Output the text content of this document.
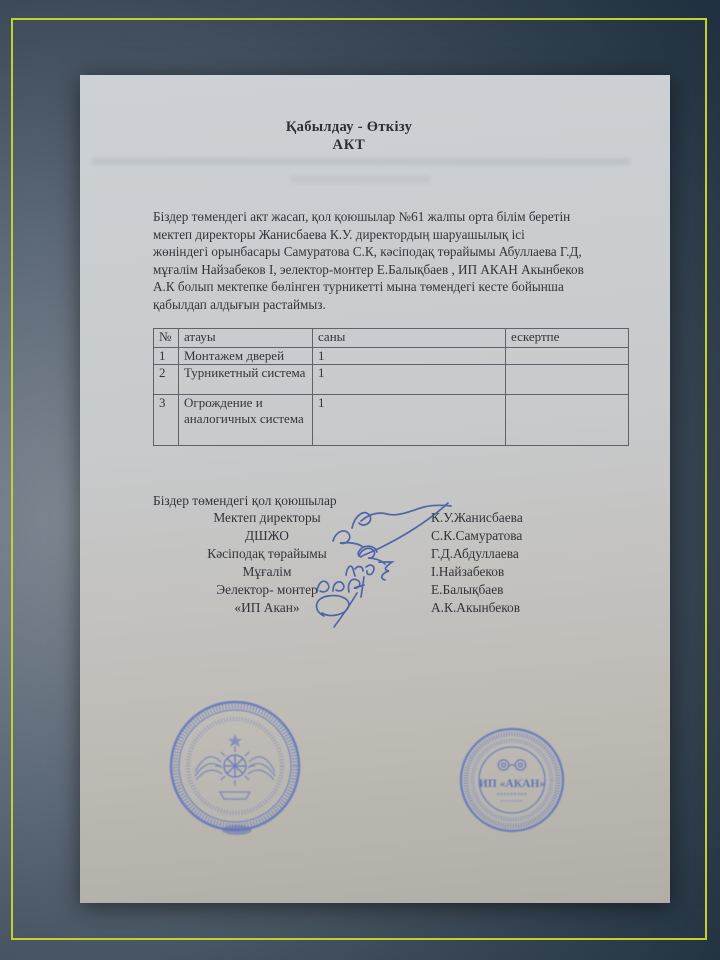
Қабылдау - Өткізу
АКТ
Біздер төмендегі акт жасап, қол қоюшылар №61 жалпы орта білім беретін
мектеп директоры Жанисбаева К.У. директордың шаруашылық ісі
жөніндегі орынбасары Самуратова С.К, кәсіподақ төрайымы Абуллаева Г.Д,
мұғалім Найзабеков І, эелектор-монтер Е.Балықбаев , ИП АКАН Акынбеков
А.К болып мектепке бөлінген турникетті мына төмендегі кесте бойынша
қабылдап алдығын растаймыз.
№	атауы	саны	ескертпе
1	Монтажем дверей	1	
2	Турникетный система	1	
3	Огрождение и аналогичных система	1	
Біздер төмендегі қол қоюшылар
Мектеп директоры	К.У.Жанисбаева
ДШЖО	С.К.Самуратова
Кәсіподақ төрайымы	Г.Д.Абдуллаева
Мұғалім	І.Найзабеков
Эелектор- монтер	Е.Балықбаев
«ИП Акан»	А.К.Акынбеков
ИП «АКАН»
